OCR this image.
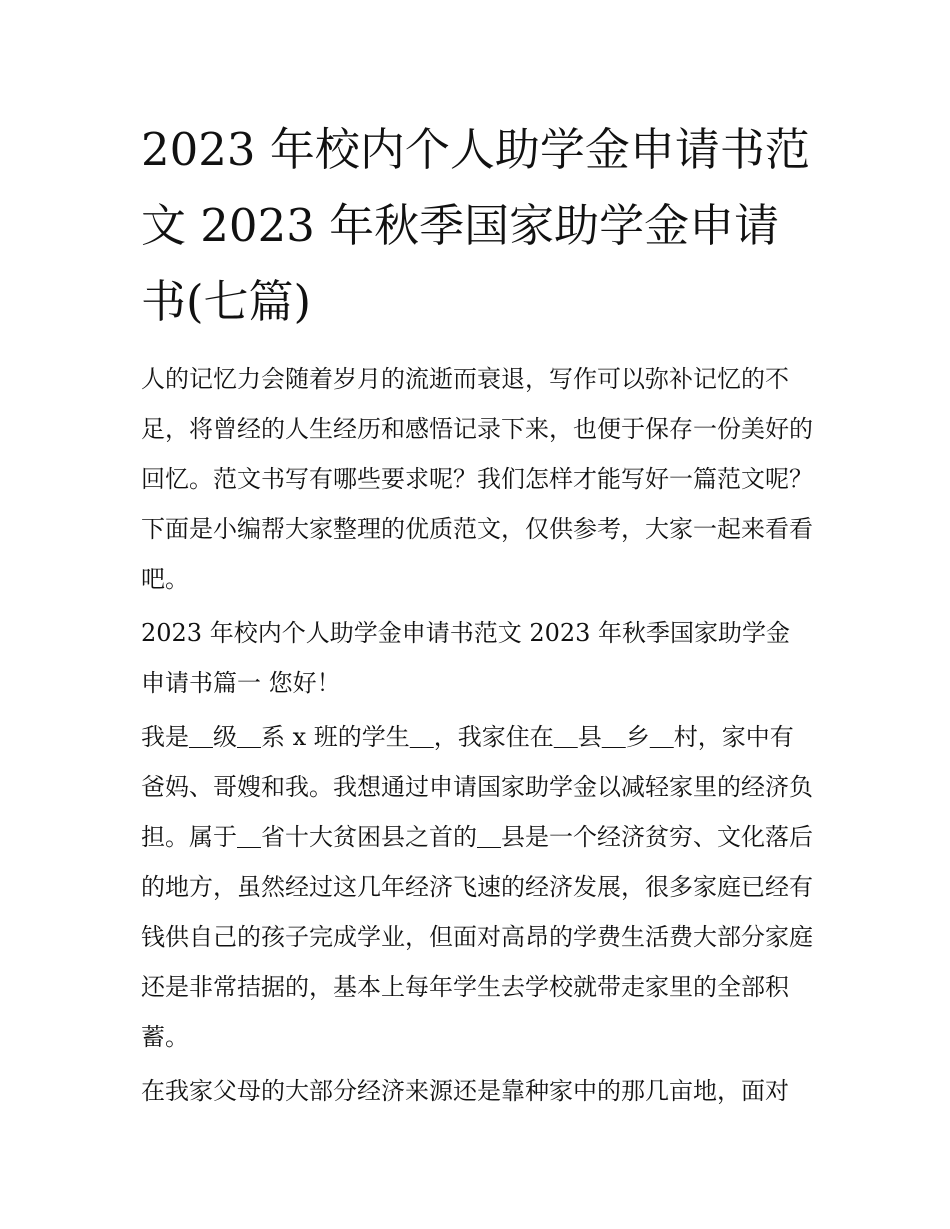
2023 年校内个人助学金申请书范文 2023 年秋季国家助学金申请书(七篇)

人的记忆力会随着岁月的流逝而衰退，写作可以弥补记忆的不足，将曾经的人生经历和感悟记录下来，也便于保存一份美好的回忆。范文书写有哪些要求呢？我们怎样才能写好一篇范文呢？下面是小编帮大家整理的优质范文，仅供参考，大家一起来看看吧。

2023 年校内个人助学金申请书范文 2023 年秋季国家助学金申请书篇一 您好！

我是＿级＿系 x 班的学生＿，我家住在＿县＿乡＿村，家中有爸妈、哥嫂和我。我想通过申请国家助学金以减轻家里的经济负担。属于＿省十大贫困县之首的＿县是一个经济贫穷、文化落后的地方，虽然经过这几年经济飞速的经济发展，很多家庭已经有钱供自己的孩子完成学业，但面对高昂的学费生活费大部分家庭还是非常拮据的，基本上每年学生去学校就带走家里的全部积蓄。

在我家父母的大部分经济来源还是靠种家中的那几亩地，面对
